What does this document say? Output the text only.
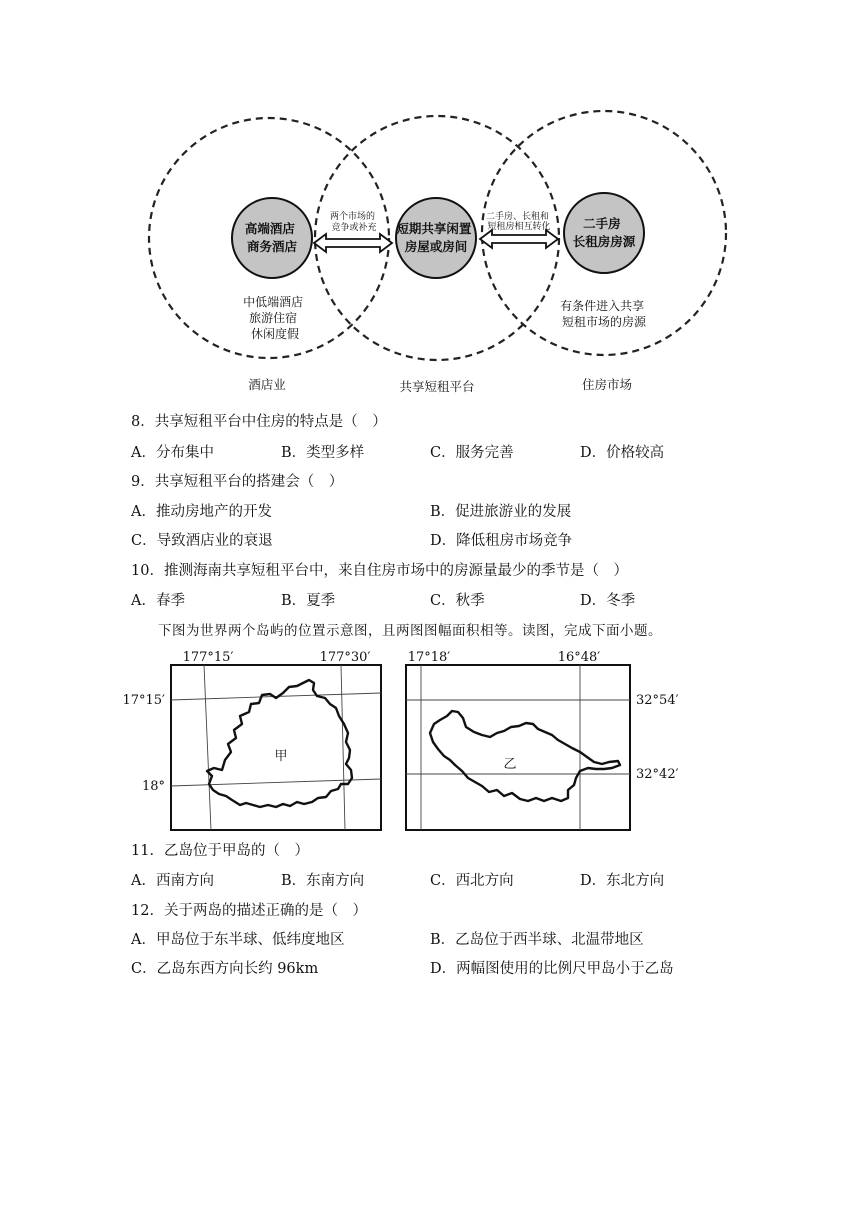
高端酒店 商务酒店
短期共享闲置 房屋或房间
二手房 长租房房源
两个市场的 竞争或补充
二手房、长租和 短租房相互转化
中低端酒店 旅游住宿 休闲度假
有条件进入共享 短租市场的房源
酒店业	共享短租平台	住房市场
8．共享短租平台中住房的特点是（　）
A．分布集中	B．类型多样	C．服务完善	D．价格较高
9．共享短租平台的搭建会（　）
A．推动房地产的开发	B．促进旅游业的发展
C．导致酒店业的衰退	D．降低租房市场竞争
10．推测海南共享短租平台中，来自住房市场中的房源量最少的季节是（　）
A．春季	B．夏季	C．秋季	D．冬季
下图为世界两个岛屿的位置示意图，且两图图幅面积相等。读图，完成下面小题。
177°15′	177°30′
17°15′
18°
甲
17°18′	16°48′
32°54′
32°42′
乙
11．乙岛位于甲岛的（　）
A．西南方向	B．东南方向	C．西北方向	D．东北方向
12．关于两岛的描述正确的是（　）
A．甲岛位于东半球、低纬度地区	B．乙岛位于西半球、北温带地区
C．乙岛东西方向长约 96km	D．两幅图使用的比例尺甲岛小于乙岛
